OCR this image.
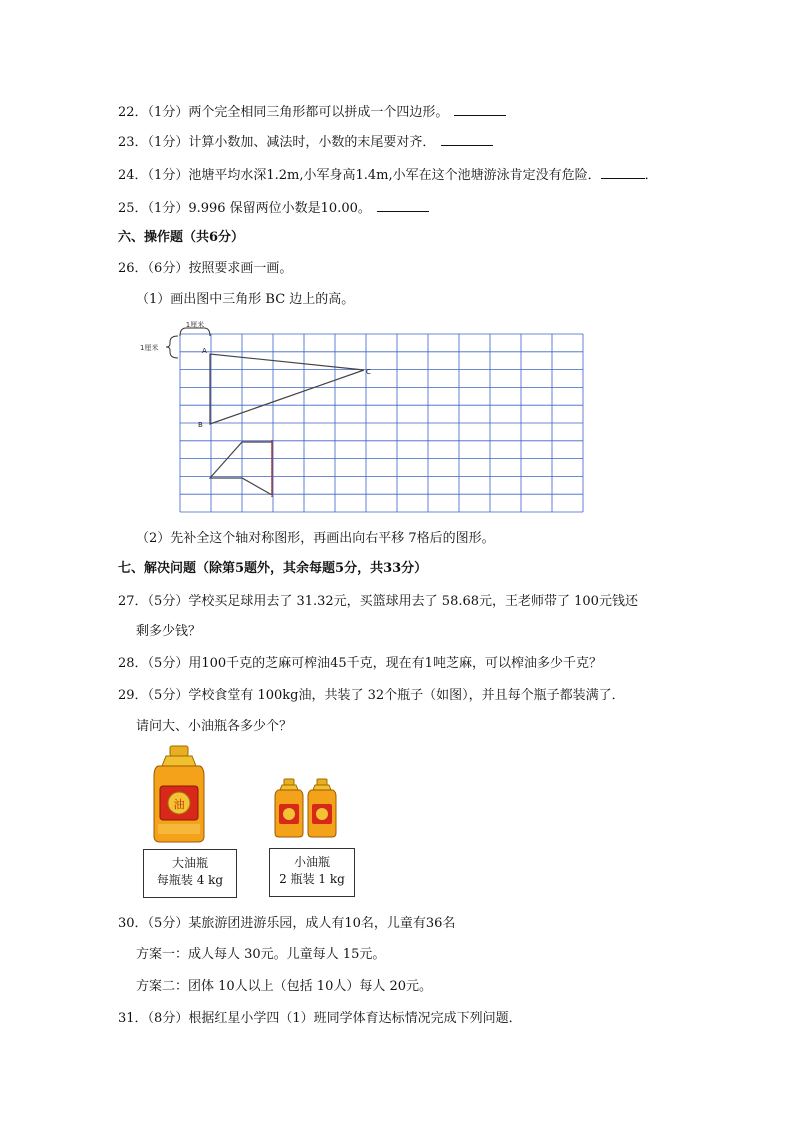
22．（1分）两个完全相同三角形都可以拼成一个四边形。
23．（1分）计算小数加、减法时，小数的末尾要对齐．
24．（1分）池塘平均水深1.2m,小军身高1.4m,小军在这个池塘游泳肯定没有危险．	．
25．（1分）9.996 保留两位小数是10.00。
六、操作题（共6分）
26．（6分）按照要求画一画。
（1）画出图中三角形 BC 边上的高。
1厘米
1厘米	A
B
C
（2）先补全这个轴对称图形，再画出向右平移 7格后的图形。
七、解决问题（除第5题外，其余每题5分，共33分）
27．（5分）学校买足球用去了 31.32元，买篮球用去了 58.68元，王老师带了 100元钱还
剩多少钱？
28．（5分）用100千克的芝麻可榨油45千克，现在有1吨芝麻，可以榨油多少千克？
29．（5分）学校食堂有 100kg油，共装了 32个瓶子（如图），并且每个瓶子都装满了．
请问大、小油瓶各多少个？
油
大油瓶
每瓶装 4 kg
小油瓶
2 瓶装 1 kg
30．（5分）某旅游团进游乐园，成人有10名，儿童有36名
方案一：成人每人 30元。儿童每人 15元。
方案二：团体 10人以上（包括 10人）每人 20元。
31．（8分）根据红星小学四（1）班同学体育达标情况完成下列问题．
